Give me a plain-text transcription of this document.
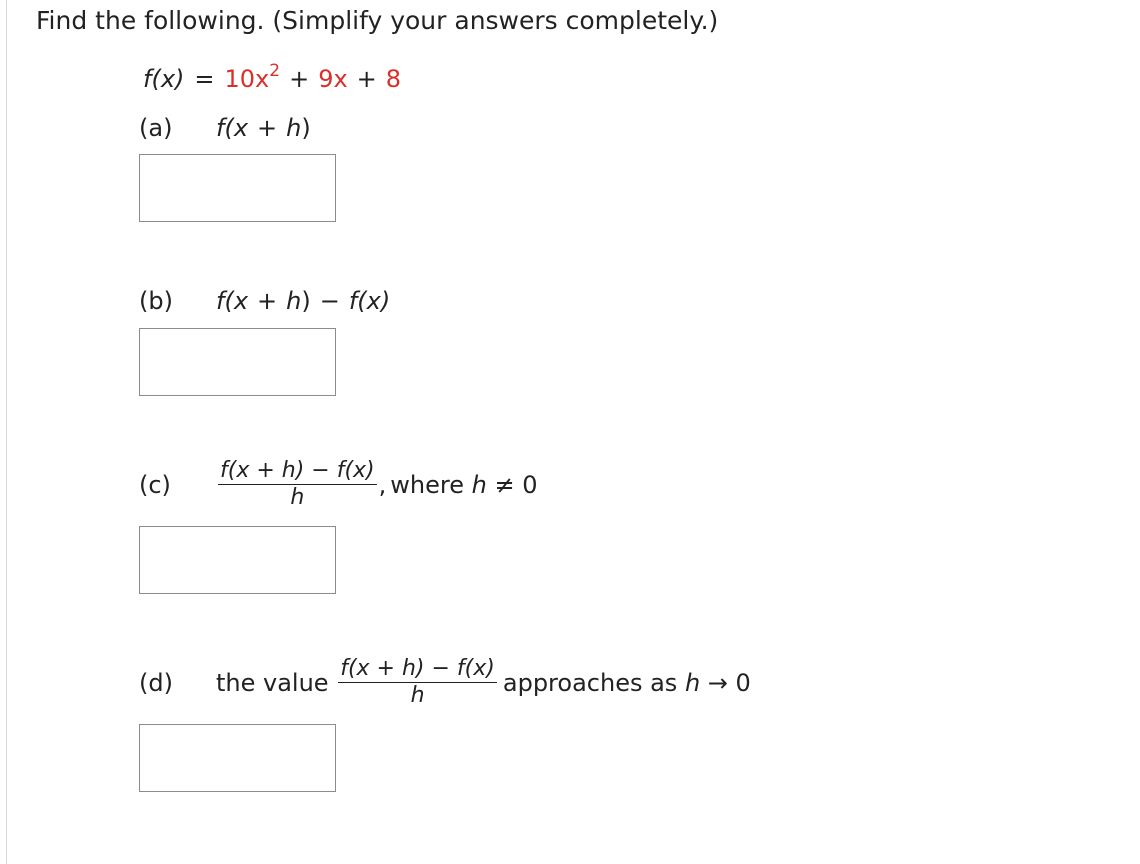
Find the following. (Simplify your answers completely.)
$f(x) = 10x^2 + 9x + 8$
(a)	f(x + h)
(b)	f(x + h) − f(x)
(c)	$\frac{f(x + h) - f(x)}{h}$ , where
h
≠ 0
(d)	the value
$\frac{f(x + h) - f(x)}{h}$ approaches as
h
→ 0
